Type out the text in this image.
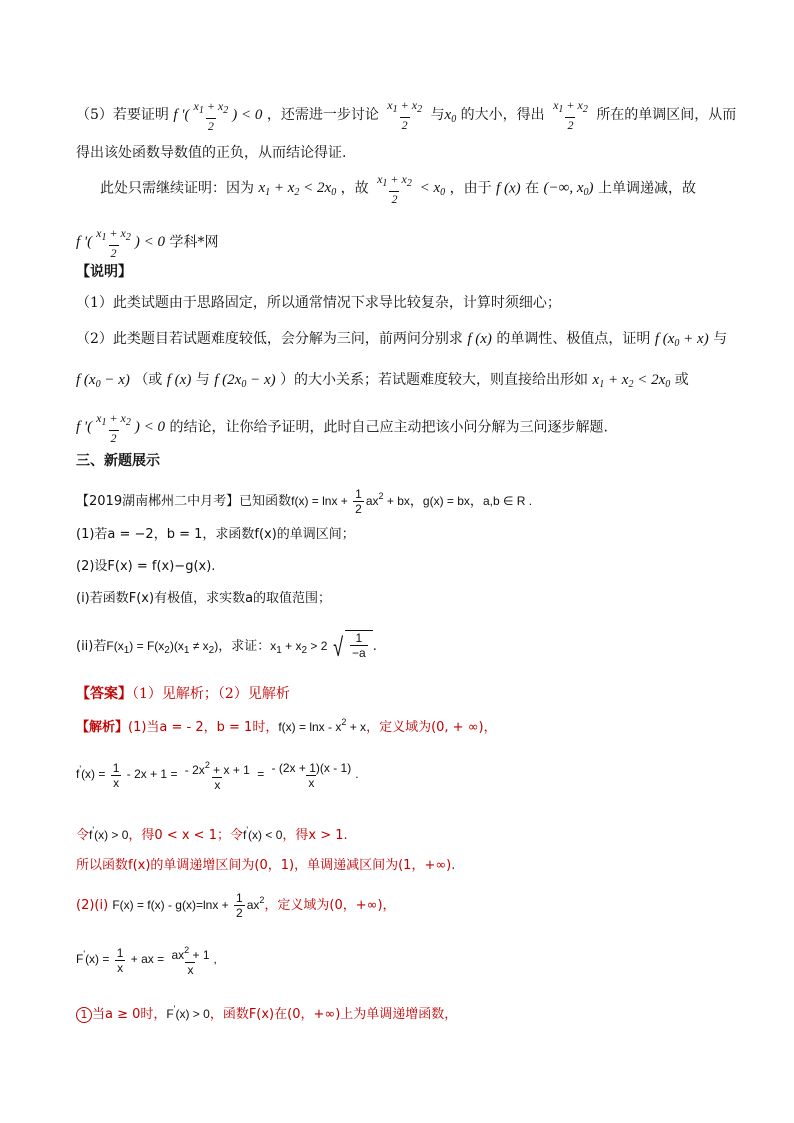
（5）若要证明 f '( $\frac{x_1 + x_2}{2}$ ) < 0 ，还需进一步讨论 $\frac{x_1 + x_2}{2}$ 与$x_0$ 的大小，得出 $\frac{x_1 + x_2}{2}$ 所在的单调区间，从而
得出该处函数导数值的正负，从而结论得证.
此处只需继续证明：因为 $x_1 + x_2 < 2x_0$ ，故 $\frac{x_1 + x_2}{2} < x_0$ ，由于 f (x) 在 (−∞, $x_0$) 上单调递减，故
f '( $\frac{x_1 + x_2}{2}$ ) < 0 学科*网
【说明】
（1）此类试题由于思路固定，所以通常情况下求导比较复杂，计算时须细心；
（2）此类题目若试题难度较低，会分解为三问，前两问分别求 f (x) 的单调性、极值点，证明 f $(x_0 + x)$ 与
f $(x_0 - x)$ （或 f (x) 与 f $(2x_0 - x)$ ）的大小关系；若试题难度较大，则直接给出形如 $x_1 + x_2 < 2x_0$ 或
f '( $\frac{x_1 + x_2}{2}$ ) < 0 的结论，让你给予证明，此时自己应主动把该小问分解为三问逐步解题.
三、新题展示
【2019湖南郴州二中月考】已知函数$f(x) = \ln x + \frac{1}{2} ax^2$ + bx，g(x) = bx，a,b ∈ R .
(1)若a = −2，b = 1，求函数f(x)的单调区间；
(2)设F(x) = f(x)−g(x).
(i)若函数F(x)有极值，求实数a的取值范围；
(ii)若$F(x_1) = F(x_2)(x_1 \ne x_2)$，求证：$x_1 + x_2 > 2$ √ $\frac{1}{-a}$ .
【答案】（1）见解析；（2）见解析
【解析】(1)当a = - 2，b = 1时，$f(x) = \ln x - x^2 + x$，定义域为(0, + ∞)，
$f'(x) = \frac{1}{x} - 2x + 1 = \frac{- 2x^2 + x + 1}{x} = \frac{- (2x + 1)(x - 1)}{x}$ .
令f'(x) > 0，得0 < x < 1；令f'(x) < 0，得x > 1.
所以函数f(x)的单调递增区间为(0，1)，单调递减区间为(1，+∞).
(2)(i) $F(x) = f(x) - g(x)=\ln x + \frac{1}{2} ax^2$，定义域为(0，+∞)，
$F'(x) = \frac{1}{x}$ + ax = $\frac{ax^2 + 1}{x}$ ,
1 当a ≥ 0时，F'(x) > 0，函数F(x)在(0，+∞)上为单调递增函数，
